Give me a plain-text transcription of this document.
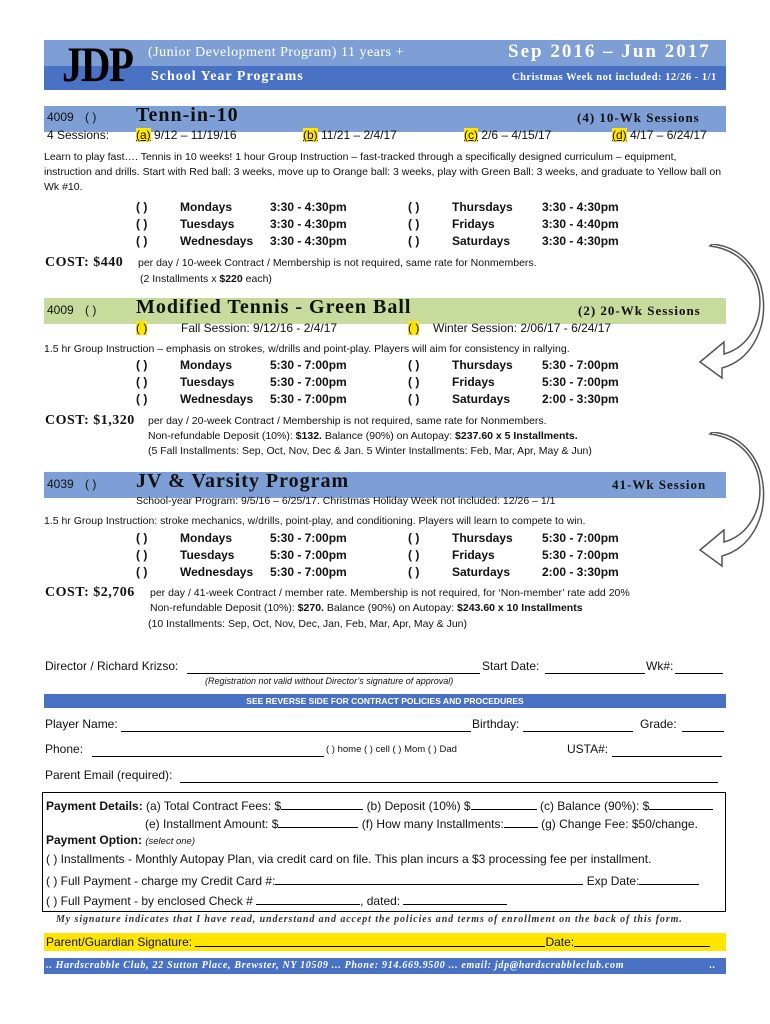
JDP (Junior Development Program) 11 years +
School Year Programs
Sep 2016 – Jun 2017
Christmas Week not included: 12/26 - 1/1
4009 ( ) Tenn-in-10	(4) 10-Wk Sessions
4 Sessions: (a) 9/12 – 11/19/16	(b) 11/21 – 2/4/17	(c) 2/6 – 4/15/17	(d) 4/17 – 6/24/17
Learn to play fast…. Tennis in 10 weeks! 1 hour Group Instruction – fast-tracked through a specifically designed curriculum – equipment, instruction and drills. Start with Red ball: 3 weeks, move up to Orange ball: 3 weeks, play with Green Ball: 3 weeks, and graduate to Yellow ball on Wk #10.
( )	Mondays	3:30 - 4:30pm
( )	Tuesdays	3:30 - 4:30pm
( )	Wednesdays 3:30 - 4:30pm
( )	Thursdays 3:30 - 4:30pm
( )	Fridays	3:30 - 4:40pm
( )	Saturdays	3:30 - 4:30pm
COST: $440 per day / 10-week Contract / Membership is not required, same rate for Nonmembers.
(2 Installments x $220 each)
4009 ( ) Modified Tennis - Green Ball	(2) 20-Wk Sessions
( )	Fall Session: 9/12/16 - 2/4/17	( ) Winter Session: 2/06/17 - 6/24/17
1.5 hr Group Instruction – emphasis on strokes, w/drills and point-play. Players will aim for consistency in rallying.
( )	Mondays	5:30 - 7:00pm
( )	Tuesdays	5:30 - 7:00pm
( )	Wednesdays 5:30 - 7:00pm
( )	Thursdays 5:30 - 7:00pm
( )	Fridays	5:30 - 7:00pm
( )	Saturdays	2:00 - 3:30pm
COST: $1,320 per day / 20-week Contract / Membership is not required, same rate for Nonmembers.
Non-refundable Deposit (10%): $132. Balance (90%) on Autopay: $237.60 x 5 Installments.
(5 Fall Installments: Sep, Oct, Nov, Dec & Jan. 5 Winter Installments: Feb, Mar, Apr, May & Jun)
4039 ( ) JV & Varsity Program	41-Wk Session
School-year Program: 9/5/16 – 6/25/17. Christmas Holiday Week not included: 12/26 – 1/1
1.5 hr Group Instruction: stroke mechanics, w/drills, point-play, and conditioning. Players will learn to compete to win.
( )	Mondays	5:30 - 7:00pm
( )	Tuesdays	5:30 - 7:00pm
( )	Wednesdays 5:30 - 7:00pm
( )	Thursdays 5:30 - 7:00pm
( )	Fridays	5:30 - 7:00pm
( )	Saturdays	2:00 - 3:30pm
COST: $2,706 per day / 41-week Contract / member rate. Membership is not required, for ‘Non-member’ rate add 20%
Non-refundable Deposit (10%): $270. Balance (90%) on Autopay: $243.60 x 10 Installments
(10 Installments: Sep, Oct, Nov, Dec, Jan, Feb, Mar, Apr, May & Jun)
Director / Richard Krizso:	Start Date:	Wk#:
(Registration not valid without Director’s signature of approval)
SEE REVERSE SIDE FOR CONTRACT POLICIES AND PROCEDURES
Player Name:	Birthday:	Grade:
Phone:	( ) home ( ) cell ( ) Mom ( ) Dad	USTA#:
Parent Email (required):
Payment Details: (a) Total Contract Fees: $	(b) Deposit (10%) $	(c) Balance (90%): $
(e) Installment Amount: $	(f) How many Installments:	(g) Change Fee: $50/change.
Payment Option: (select one)
( ) Installments - Monthly Autopay Plan, via credit card on file. This plan incurs a $3 processing fee per installment.
( ) Full Payment - charge my Credit Card #:	Exp Date:
( ) Full Payment - by enclosed Check #	, dated:
My signature indicates that I have read, understand and accept the policies and terms of enrollment on the back of this form.
Parent/Guardian Signature:	Date:
.. Hardscrabble Club, 22 Sutton Place, Brewster, NY 10509 ... Phone: 914.669.9500 ... email: jdp@hardscrabbleclub.com	..
